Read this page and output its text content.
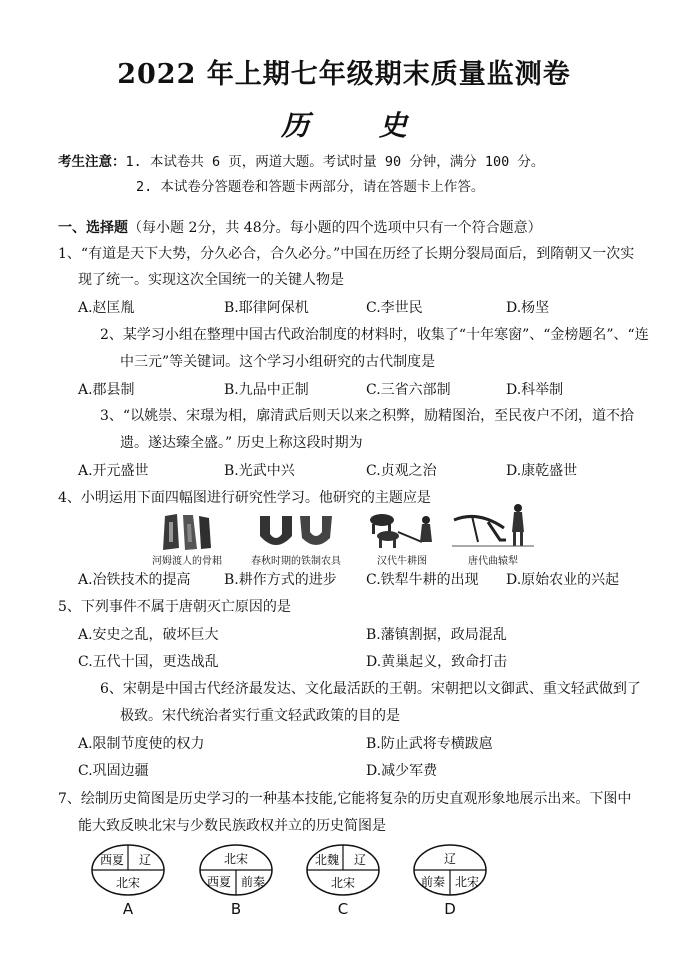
2022 年上期七年级期末质量监测卷
历 史
考生注意：1. 本试卷共 6 页，两道大题。考试时量 90 分钟，满分 100 分。
2. 本试卷分答题卷和答题卡两部分，请在答题卡上作答。
一、选择题（每小题 2分，共 48分。每小题的四个选项中只有一个符合题意）
1、“有道是天下大势，分久必合，合久必分。”中国在历经了长期分裂局面后，到隋朝又一次实
现了统一。实现这次全国统一的关键人物是
A.赵匡胤	B.耶律阿保机	C.李世民	D.杨坚
2、某学习小组在整理中国古代政治制度的材料时，收集了“十年寒窗”、“金榜题名”、“连
中三元”等关键词。这个学习小组研究的古代制度是
A.郡县制	B.九品中正制	C.三省六部制	D.科举制
3、“以姚崇、宋璟为相，廓清武后则天以来之积弊，励精图治，至民夜户不闭，道不拾
遗。遂达臻全盛。” 历史上称这段时期为
A.开元盛世	B.光武中兴	C.贞观之治	D.康乾盛世
4、小明运用下面四幅图进行研究性学习。他研究的主题应是
河姆渡人的骨耜	春秋时期的铁制农具	汉代牛耕图	唐代曲辕犁
A.冶铁技术的提高 B.耕作方式的进步 C.铁犁牛耕的出现 D.原始农业的兴起
5、下列事件不属于唐朝灭亡原因的是
A.安史之乱，破坏巨大	B.藩镇割据，政局混乱
C.五代十国，更迭战乱	D.黄巢起义，致命打击
6、宋朝是中国古代经济最发达、文化最活跃的王朝。宋朝把以文御武、重文轻武做到了
极致。宋代统治者实行重文轻武政策的目的是
A.限制节度使的权力	B.防止武将专横跋扈
C.巩固边疆	D.减少军费
7、绘制历史简图是历史学习的一种基本技能,它能将复杂的历史直观形象地展示出来。下图中
能大致反映北宋与少数民族政权并立的历史简图是
西夏 辽
北宋
A
北宋
西夏 前秦
B
北魏 辽
北宋
C
辽
前秦 北宋
D
